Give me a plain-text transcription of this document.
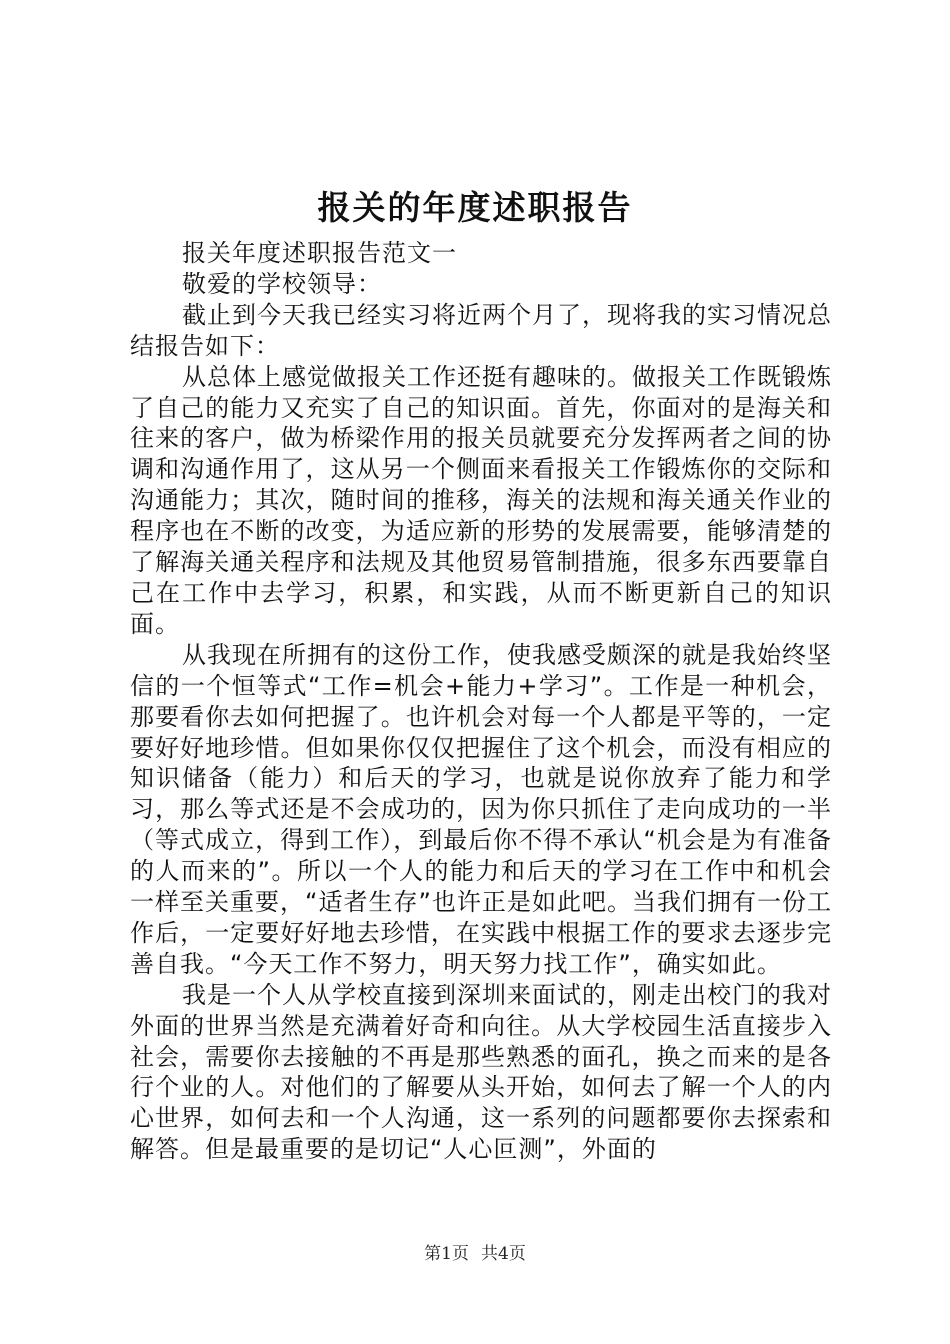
报关的年度述职报告

报关年度述职报告范文一

敬爱的学校领导：

截止到今天我已经实习将近两个月了，现将我的实习情况总结报告如下：

从总体上感觉做报关工作还挺有趣味的。做报关工作既锻炼了自己的能力又充实了自己的知识面。首先，你面对的是海关和往来的客户，做为桥梁作用的报关员就要充分发挥两者之间的协调和沟通作用了，这从另一个侧面来看报关工作锻炼你的交际和沟通能力；其次，随时间的推移，海关的法规和海关通关作业的程序也在不断的改变，为适应新的形势的发展需要，能够清楚的了解海关通关程序和法规及其他贸易管制措施，很多东西要靠自己在工作中去学习，积累，和实践，从而不断更新自己的知识面。

从我现在所拥有的这份工作，使我感受颇深的就是我始终坚信的一个恒等式“工作=机会+能力+学习”。工作是一种机会，那要看你去如何把握了。也许机会对每一个人都是平等的，一定要好好地珍惜。但如果你仅仅把握住了这个机会，而没有相应的知识储备（能力）和后天的学习，也就是说你放弃了能力和学习，那么等式还是不会成功的，因为你只抓住了走向成功的一半（等式成立，得到工作），到最后你不得不承认“机会是为有准备的人而来的”。所以一个人的能力和后天的学习在工作中和机会一样至关重要，“适者生存”也许正是如此吧。当我们拥有一份工作后，一定要好好地去珍惜，在实践中根据工作的要求去逐步完善自我。“今天工作不努力，明天努力找工作”，确实如此。

我是一个人从学校直接到深圳来面试的，刚走出校门的我对外面的世界当然是充满着好奇和向往。从大学校园生活直接步入社会，需要你去接触的不再是那些熟悉的面孔，换之而来的是各行个业的人。对他们的了解要从头开始，如何去了解一个人的内心世界，如何去和一个人沟通，这一系列的问题都要你去探索和解答。但是最重要的是切记“人心叵测”，外面的

第1页 共4页
